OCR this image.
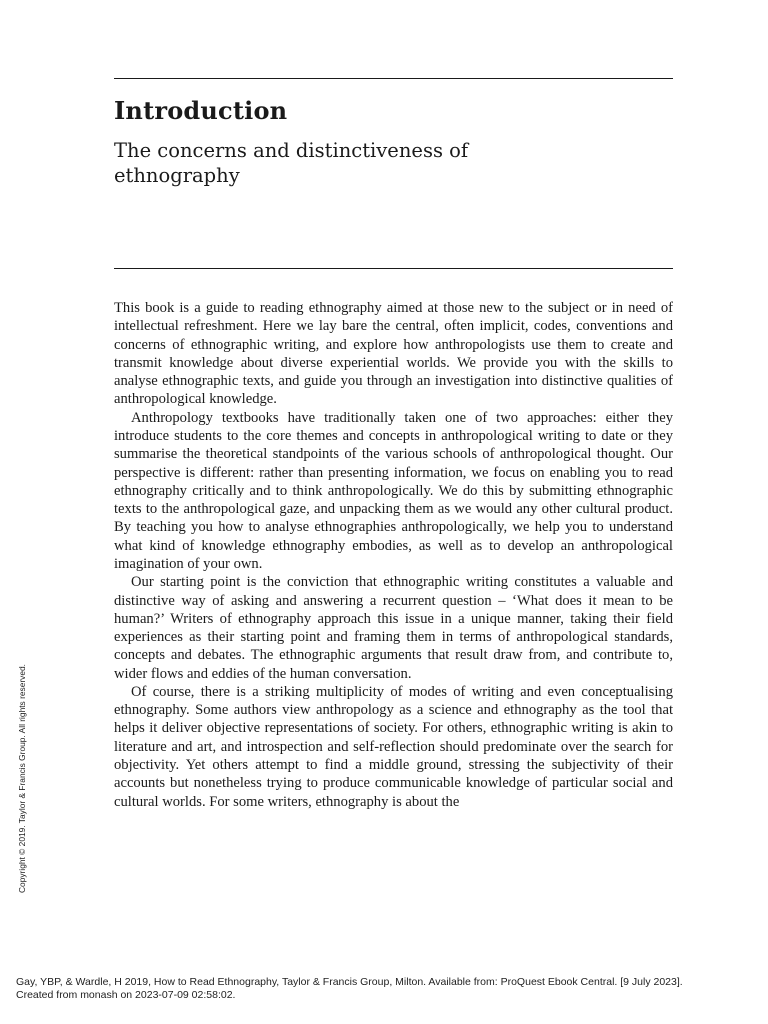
Introduction
The concerns and distinctiveness of ethnography

This book is a guide to reading ethnography aimed at those new to the subject or in need of intellectual refreshment. Here we lay bare the central, often implicit, codes, conventions and concerns of ethnographic writing, and explore how anthropologists use them to create and transmit knowledge about diverse experiential worlds. We provide you with the skills to analyse ethnographic texts, and guide you through an investigation into distinctive qualities of anthropological knowledge.

Anthropology textbooks have traditionally taken one of two approaches: either they introduce students to the core themes and concepts in anthropological writing to date or they summarise the theoretical standpoints of the various schools of anthropological thought. Our perspective is different: rather than presenting information, we focus on enabling you to read ethnography critically and to think anthropologically. We do this by submitting ethnographic texts to the anthropological gaze, and unpacking them as we would any other cultural product. By teaching you how to analyse ethnographies anthropologically, we help you to understand what kind of knowledge ethnography embodies, as well as to develop an anthropological imagination of your own.

Our starting point is the conviction that ethnographic writing constitutes a valuable and distinctive way of asking and answering a recurrent question – ‘What does it mean to be human?’ Writers of ethnography approach this issue in a unique manner, taking their field experiences as their starting point and framing them in terms of anthropological standards, concepts and debates. The ethnographic arguments that result draw from, and contribute to, wider flows and eddies of the human conversation.

Of course, there is a striking multiplicity of modes of writing and even conceptualising ethnography. Some authors view anthropology as a science and ethnography as the tool that helps it deliver objective representations of society. For others, ethnographic writing is akin to literature and art, and introspection and self-reflection should predominate over the search for objectivity. Yet others attempt to find a middle ground, stressing the subjectivity of their accounts but nonetheless trying to produce communicable knowledge of particular social and cultural worlds. For some writers, ethnography is about the

Copyright © 2019. Taylor & Francis Group. All rights reserved.
Gay, YBP, & Wardle, H 2019, How to Read Ethnography, Taylor & Francis Group, Milton. Available from: ProQuest Ebook Central. [9 July 2023].
Created from monash on 2023-07-09 02:58:02.
